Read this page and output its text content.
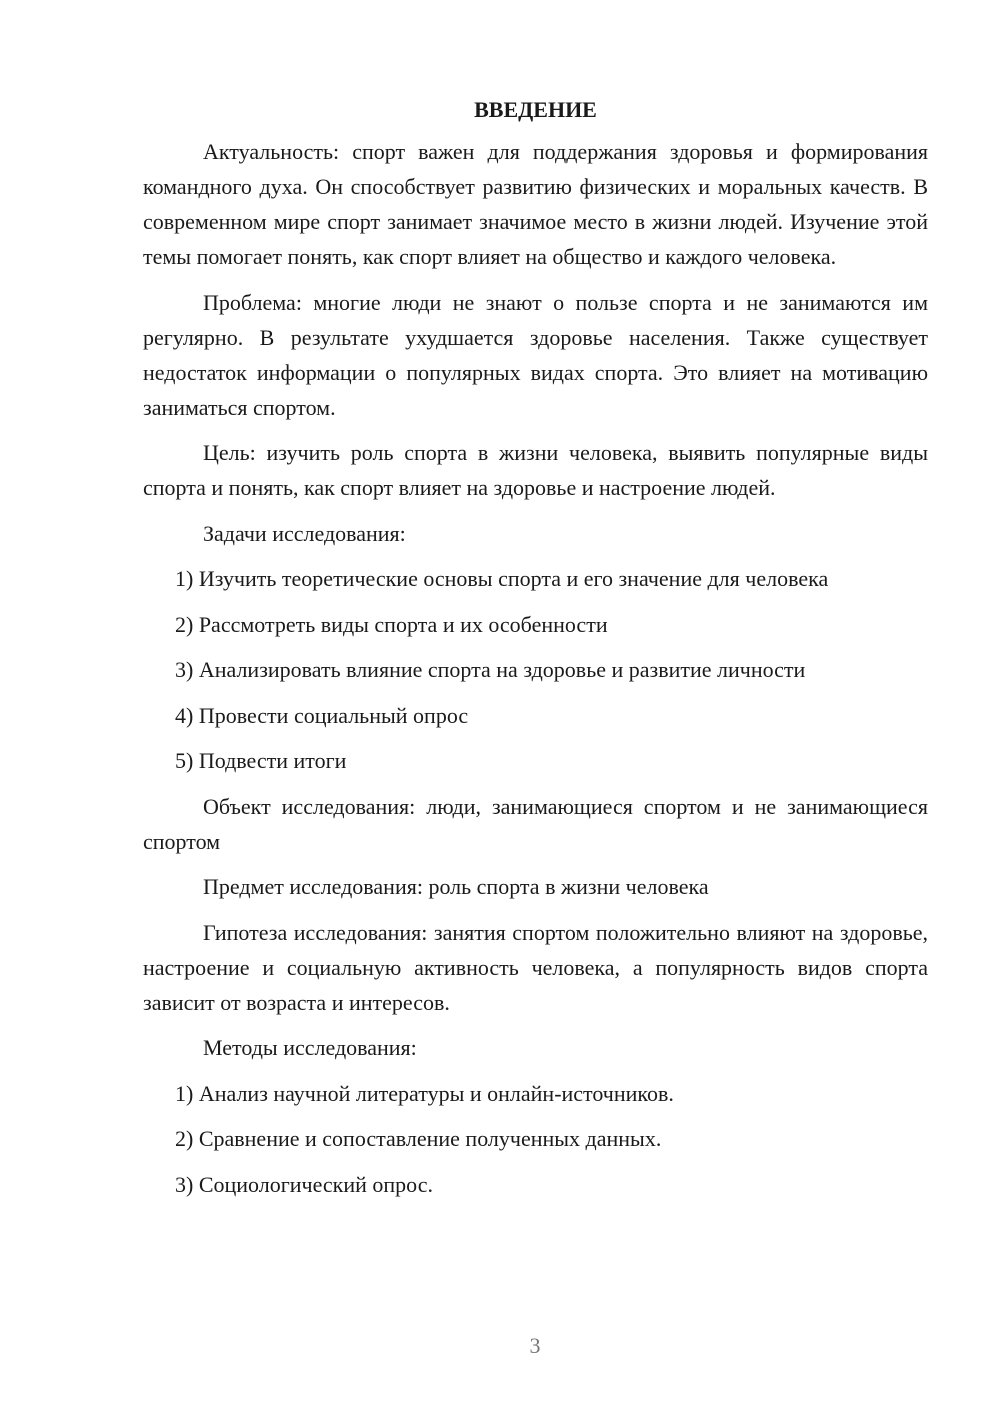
ВВЕДЕНИЕ

Актуальность: спорт важен для поддержания здоровья и формирования командного духа. Он способствует развитию физических и моральных качеств. В современном мире спорт занимает значимое место в жизни людей. Изучение этой темы помогает понять, как спорт влияет на общество и каждого человека.

Проблема: многие люди не знают о пользе спорта и не занимаются им регулярно. В результате ухудшается здоровье населения. Также существует недостаток информации о популярных видах спорта. Это влияет на мотивацию заниматься спортом.

Цель: изучить роль спорта в жизни человека, выявить популярные виды спорта и понять, как спорт влияет на здоровье и настроение людей.

Задачи исследования:

1) Изучить теоретические основы спорта и его значение для человека

2) Рассмотреть виды спорта и их особенности

3) Анализировать влияние спорта на здоровье и развитие личности

4) Провести социальный опрос

5) Подвести итоги

Объект исследования: люди, занимающиеся спортом и не занимающиеся спортом

Предмет исследования: роль спорта в жизни человека

Гипотеза исследования: занятия спортом положительно влияют на здоровье, настроение и социальную активность человека, а популярность видов спорта зависит от возраста и интересов.

Методы исследования:

1) Анализ научной литературы и онлайн-источников.

2) Сравнение и сопоставление полученных данных.

3) Социологический опрос.

3
